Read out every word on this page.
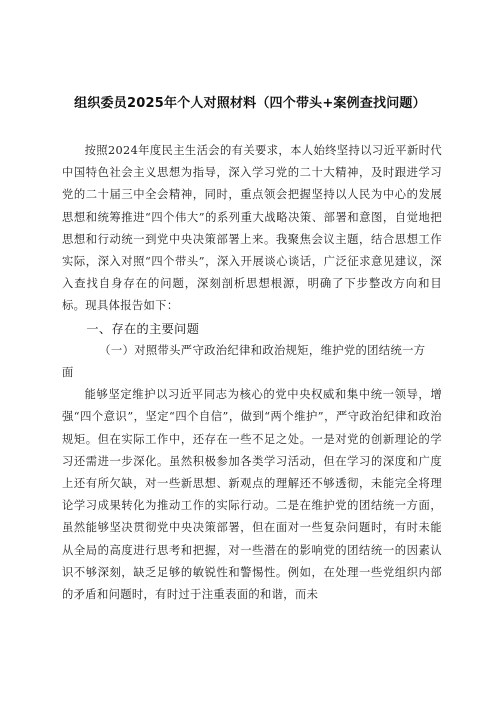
组织委员2025年个人对照材料（四个带头+案例查找问题）

按照2024年度民主生活会的有关要求，本人始终坚持以习近平新时代中国特色社会主义思想为指导，深入学习党的二十大精神，及时跟进学习党的二十届三中全会精神，同时，重点领会把握坚持以人民为中心的发展思想和统筹推进“四个伟大”的系列重大战略决策、部署和意图，自觉地把思想和行动统一到党中央决策部署上来。我聚焦会议主题，结合思想工作实际，深入对照“四个带头”，深入开展谈心谈话，广泛征求意见建议，深入查找自身存在的问题，深刻剖析思想根源，明确了下步整改方向和目标。现具体报告如下：

一、存在的主要问题

（一）对照带头严守政治纪律和政治规矩，维护党的团结统一方

面

能够坚定维护以习近平同志为核心的党中央权威和集中统一领导，增强“四个意识”，坚定“四个自信”，做到“两个维护”，严守政治纪律和政治规矩。但在实际工作中，还存在一些不足之处。一是对党的创新理论的学习还需进一步深化。虽然积极参加各类学习活动，但在学习的深度和广度上还有所欠缺，对一些新思想、新观点的理解还不够透彻，未能完全将理论学习成果转化为推动工作的实际行动。二是在维护党的团结统一方面，虽然能够坚决贯彻党中央决策部署，但在面对一些复杂问题时，有时未能从全局的高度进行思考和把握，对一些潜在的影响党的团结统一的因素认识不够深刻，缺乏足够的敏锐性和警惕性。例如，在处理一些党组织内部的矛盾和问题时，有时过于注重表面的和谐，而未
